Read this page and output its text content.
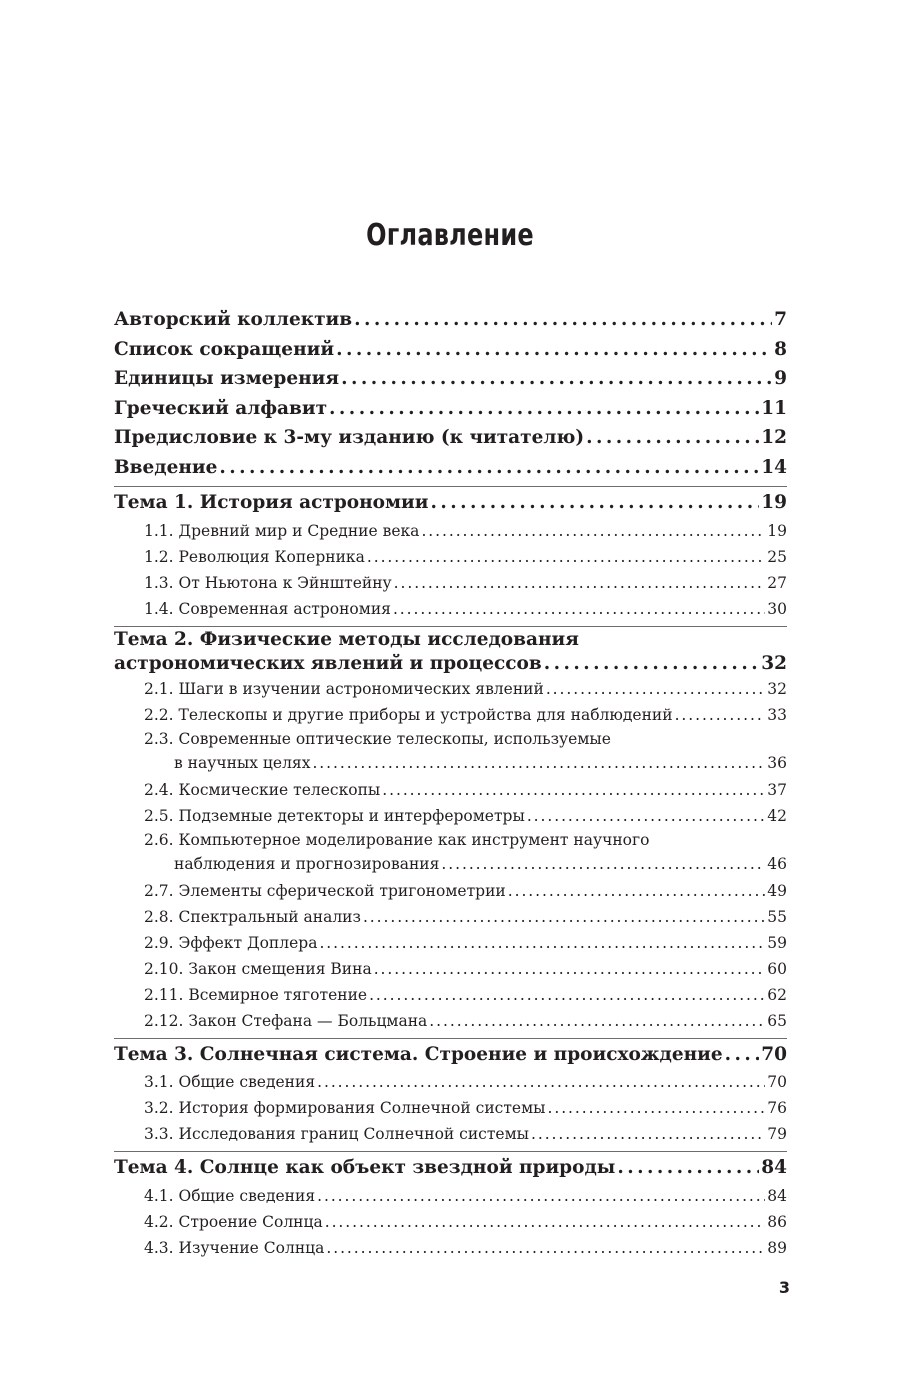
Оглавление
Авторский коллектив . . .	7
Список сокращений . . .	8
Единицы измерения . . .	9
Греческий алфавит . . .	11
Предисловие к 3-му изданию (к читателю) . . .	12
Введение . . .	14
Тема 1. История астрономии . . .	19
1.1. Древний мир и Средние века . . .	19
1.2. Революция Коперника . . .	25
1.3. От Ньютона к Эйнштейну . . .	27
1.4. Современная астрономия . . .	30
Тема 2. Физические методы исследования
астрономических явлений и процессов . . .	32
2.1. Шаги в изучении астрономических явлений . . .	32
2.2. Телескопы и другие приборы и устройства для наблюдений . . .	33
2.3. Современные оптические телескопы, используемые
в научных целях . . .	36
2.4. Космические телескопы . . .	37
2.5. Подземные детекторы и интерферометры . . .	42
2.6. Компьютерное моделирование как инструмент научного
наблюдения и прогнозирования . . .	46
2.7. Элементы сферической тригонометрии . . .	49
2.8. Спектральный анализ . . .	55
2.9. Эффект Доплера . . .	59
2.10. Закон смещения Вина . . .	60
2.11. Всемирное тяготение . . .	62
2.12. Закон Стефана — Больцмана . . .	65
Тема 3. Солнечная система. Строение и происхождение . . . 70
3.1. Общие сведения . . .	70
3.2. История формирования Солнечной системы . . .	76
3.3. Исследования границ Солнечной системы . . .	79
Тема 4. Солнце как объект звездной природы . . .	84
4.1. Общие сведения . . .	84
4.2. Строение Солнца . . .	86
4.3. Изучение Солнца . . .	89
3
